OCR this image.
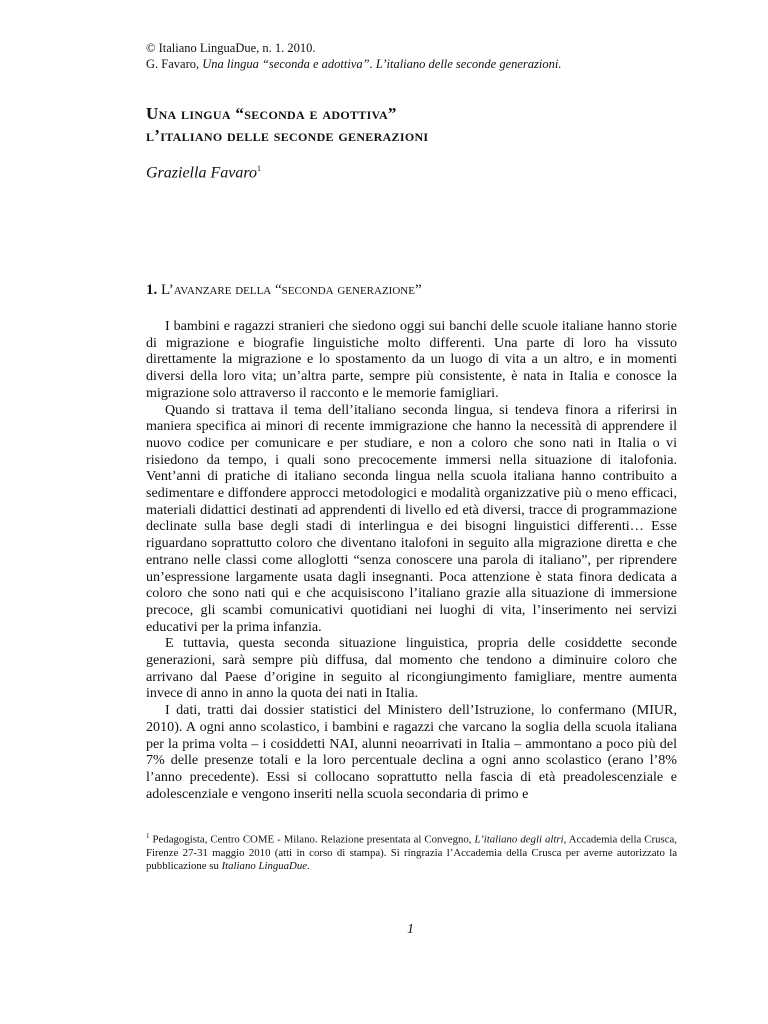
© Italiano LinguaDue, n. 1. 2010.
G. Favaro, Una lingua “seconda e adottiva”. L’italiano delle seconde generazioni.
Una lingua “seconda e adottiva”
l’italiano delle seconde generazioni
Graziella Favaro$^1$
1. L’avanzare della “seconda generazione”

I bambini e ragazzi stranieri che siedono oggi sui banchi delle scuole italiane hanno storie di migrazione e biografie linguistiche molto differenti. Una parte di loro ha vissuto direttamente la migrazione e lo spostamento da un luogo di vita a un altro, e in momenti diversi della loro vita; un’altra parte, sempre più consistente, è nata in Italia e conosce la migrazione solo attraverso il racconto e le memorie famigliari.

Quando si trattava il tema dell’italiano seconda lingua, si tendeva finora a riferirsi in maniera specifica ai minori di recente immigrazione che hanno la necessità di apprendere il nuovo codice per comunicare e per studiare, e non a coloro che sono nati in Italia o vi risiedono da tempo, i quali sono precocemente immersi nella situazione di italofonia. Vent’anni di pratiche di italiano seconda lingua nella scuola italiana hanno contribuito a sedimentare e diffondere approcci metodologici e modalità organizzative più o meno efficaci, materiali didattici destinati ad apprendenti di livello ed età diversi, tracce di programmazione declinate sulla base degli stadi di interlingua e dei bisogni linguistici differenti… Esse riguardano soprattutto coloro che diventano italofoni in seguito alla migrazione diretta e che entrano nelle classi come alloglotti “senza conoscere una parola di italiano”, per riprendere un’espressione largamente usata dagli insegnanti. Poca attenzione è stata finora dedicata a coloro che sono nati qui e che acquisiscono l’italiano grazie alla situazione di immersione precoce, gli scambi comunicativi quotidiani nei luoghi di vita, l’inserimento nei servizi educativi per la prima infanzia.

E tuttavia, questa seconda situazione linguistica, propria delle cosiddette seconde generazioni, sarà sempre più diffusa, dal momento che tendono a diminuire coloro che arrivano dal Paese d’origine in seguito al ricongiungimento famigliare, mentre aumenta invece di anno in anno la quota dei nati in Italia.

I dati, tratti dai dossier statistici del Ministero dell’Istruzione, lo confermano (MIUR, 2010). A ogni anno scolastico, i bambini e ragazzi che varcano la soglia della scuola italiana per la prima volta – i cosiddetti NAI, alunni neoarrivati in Italia – ammontano a poco più del 7% delle presenze totali e la loro percentuale declina a ogni anno scolastico (erano l’8% l’anno precedente). Essi si collocano soprattutto nella fascia di età preadolescenziale e adolescenziale e vengono inseriti nella scuola secondaria di primo e

$^1$ Pedagogista, Centro COME - Milano. Relazione presentata al Convegno, L’italiano degli altri, Accademia della Crusca, Firenze 27-31 maggio 2010 (atti in corso di stampa). Si ringrazia l’Accademia della Crusca per averne autorizzato la pubblicazione su Italiano LinguaDue.
1
